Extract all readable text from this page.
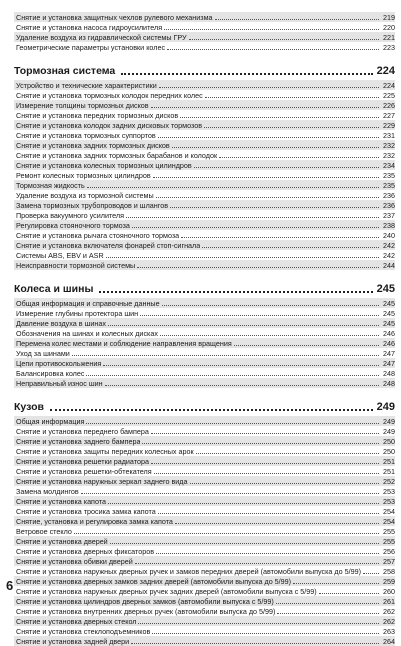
Снятие и установка защитных чехлов рулевого механизма	219
Снятие и установка насоса гидроусилителя	220
Удаление воздуха из гидравлической системы ГРУ	221
Геометрические параметры установки колес	223
Тормозная система	224
Устройство и технические характеристики	224
Снятие и установка тормозных колодок передних колес	225
Измерение толщины тормозных дисков	226
Снятие и установка передних тормозных дисков	227
Снятие и установка колодок задних дисковых тормозов	229
Снятие и установка тормозных суппортов	231
Снятие и установка задних тормозных дисков	232
Снятие и установка задних тормозных барабанов и колодок	232
Снятие и установка колесных тормозных цилиндров	234
Ремонт колесных тормозных цилиндров	235
Тормозная жидкость	235
Удаление воздуха из тормозной системы	236
Замена тормозных трубопроводов и шлангов	236
Проверка вакуумного усилителя	237
Регулировка стояночного тормоза	238
Снятие и установка рычага стояночного тормоза	240
Снятие и установка включателя фонарей стоп-сигнала	242
Системы ABS, EBV и ASR	242
Неисправности тормозной системы	244
Колеса и шины	245
Общая информация и справочные данные	245
Измерение глубины протектора шин	245
Давление воздуха в шинах	245
Обозначения на шинах и колесных дисках	246
Перемена колес местами и соблюдение направления вращения	246
Уход за шинами	247
Цепи противоскольжения	247
Балансировка колес	248
Неправильный износ шин	248
Кузов	249
Общая информация	249
Снятие и установка переднего бампера	249
Снятие и установка заднего бампера	250
Снятие и установка защиты передних колесных арок	250
Снятие и установка решетки радиатора	251
Снятие и установка решетки-обтекателя	251
Снятие и установка наружных зеркал заднего вида	252
Замена молдингов	253
Снятие и установка капота	253
Снятие и установка тросика замка капота	254
Снятие, установка и регулировка замка капота	254
Ветровое стекло	255
Снятие и установка дверей	255
Снятие и установка дверных фиксаторов	256
Снятие и установка обивки дверей	257
Снятие и установка наружных дверных ручек и замков передних дверей (автомобили выпуска до 5/99)	258
Снятие и установка дверных замков задних дверей (автомобили выпуска до 5/99)	259
Снятие и установка наружных дверных ручек задних дверей (автомобили выпуска с 5/99)	260
Снятие и установка цилиндров дверных замков (автомобили выпуска с 5/99)	261
Снятие и установка внутренних дверных ручек (автомобили выпуска до 5/99)	262
Снятие и установка дверных стекол	262
Снятие и установка стеклоподъемников	263
Снятие и установка задней двери	264
6
